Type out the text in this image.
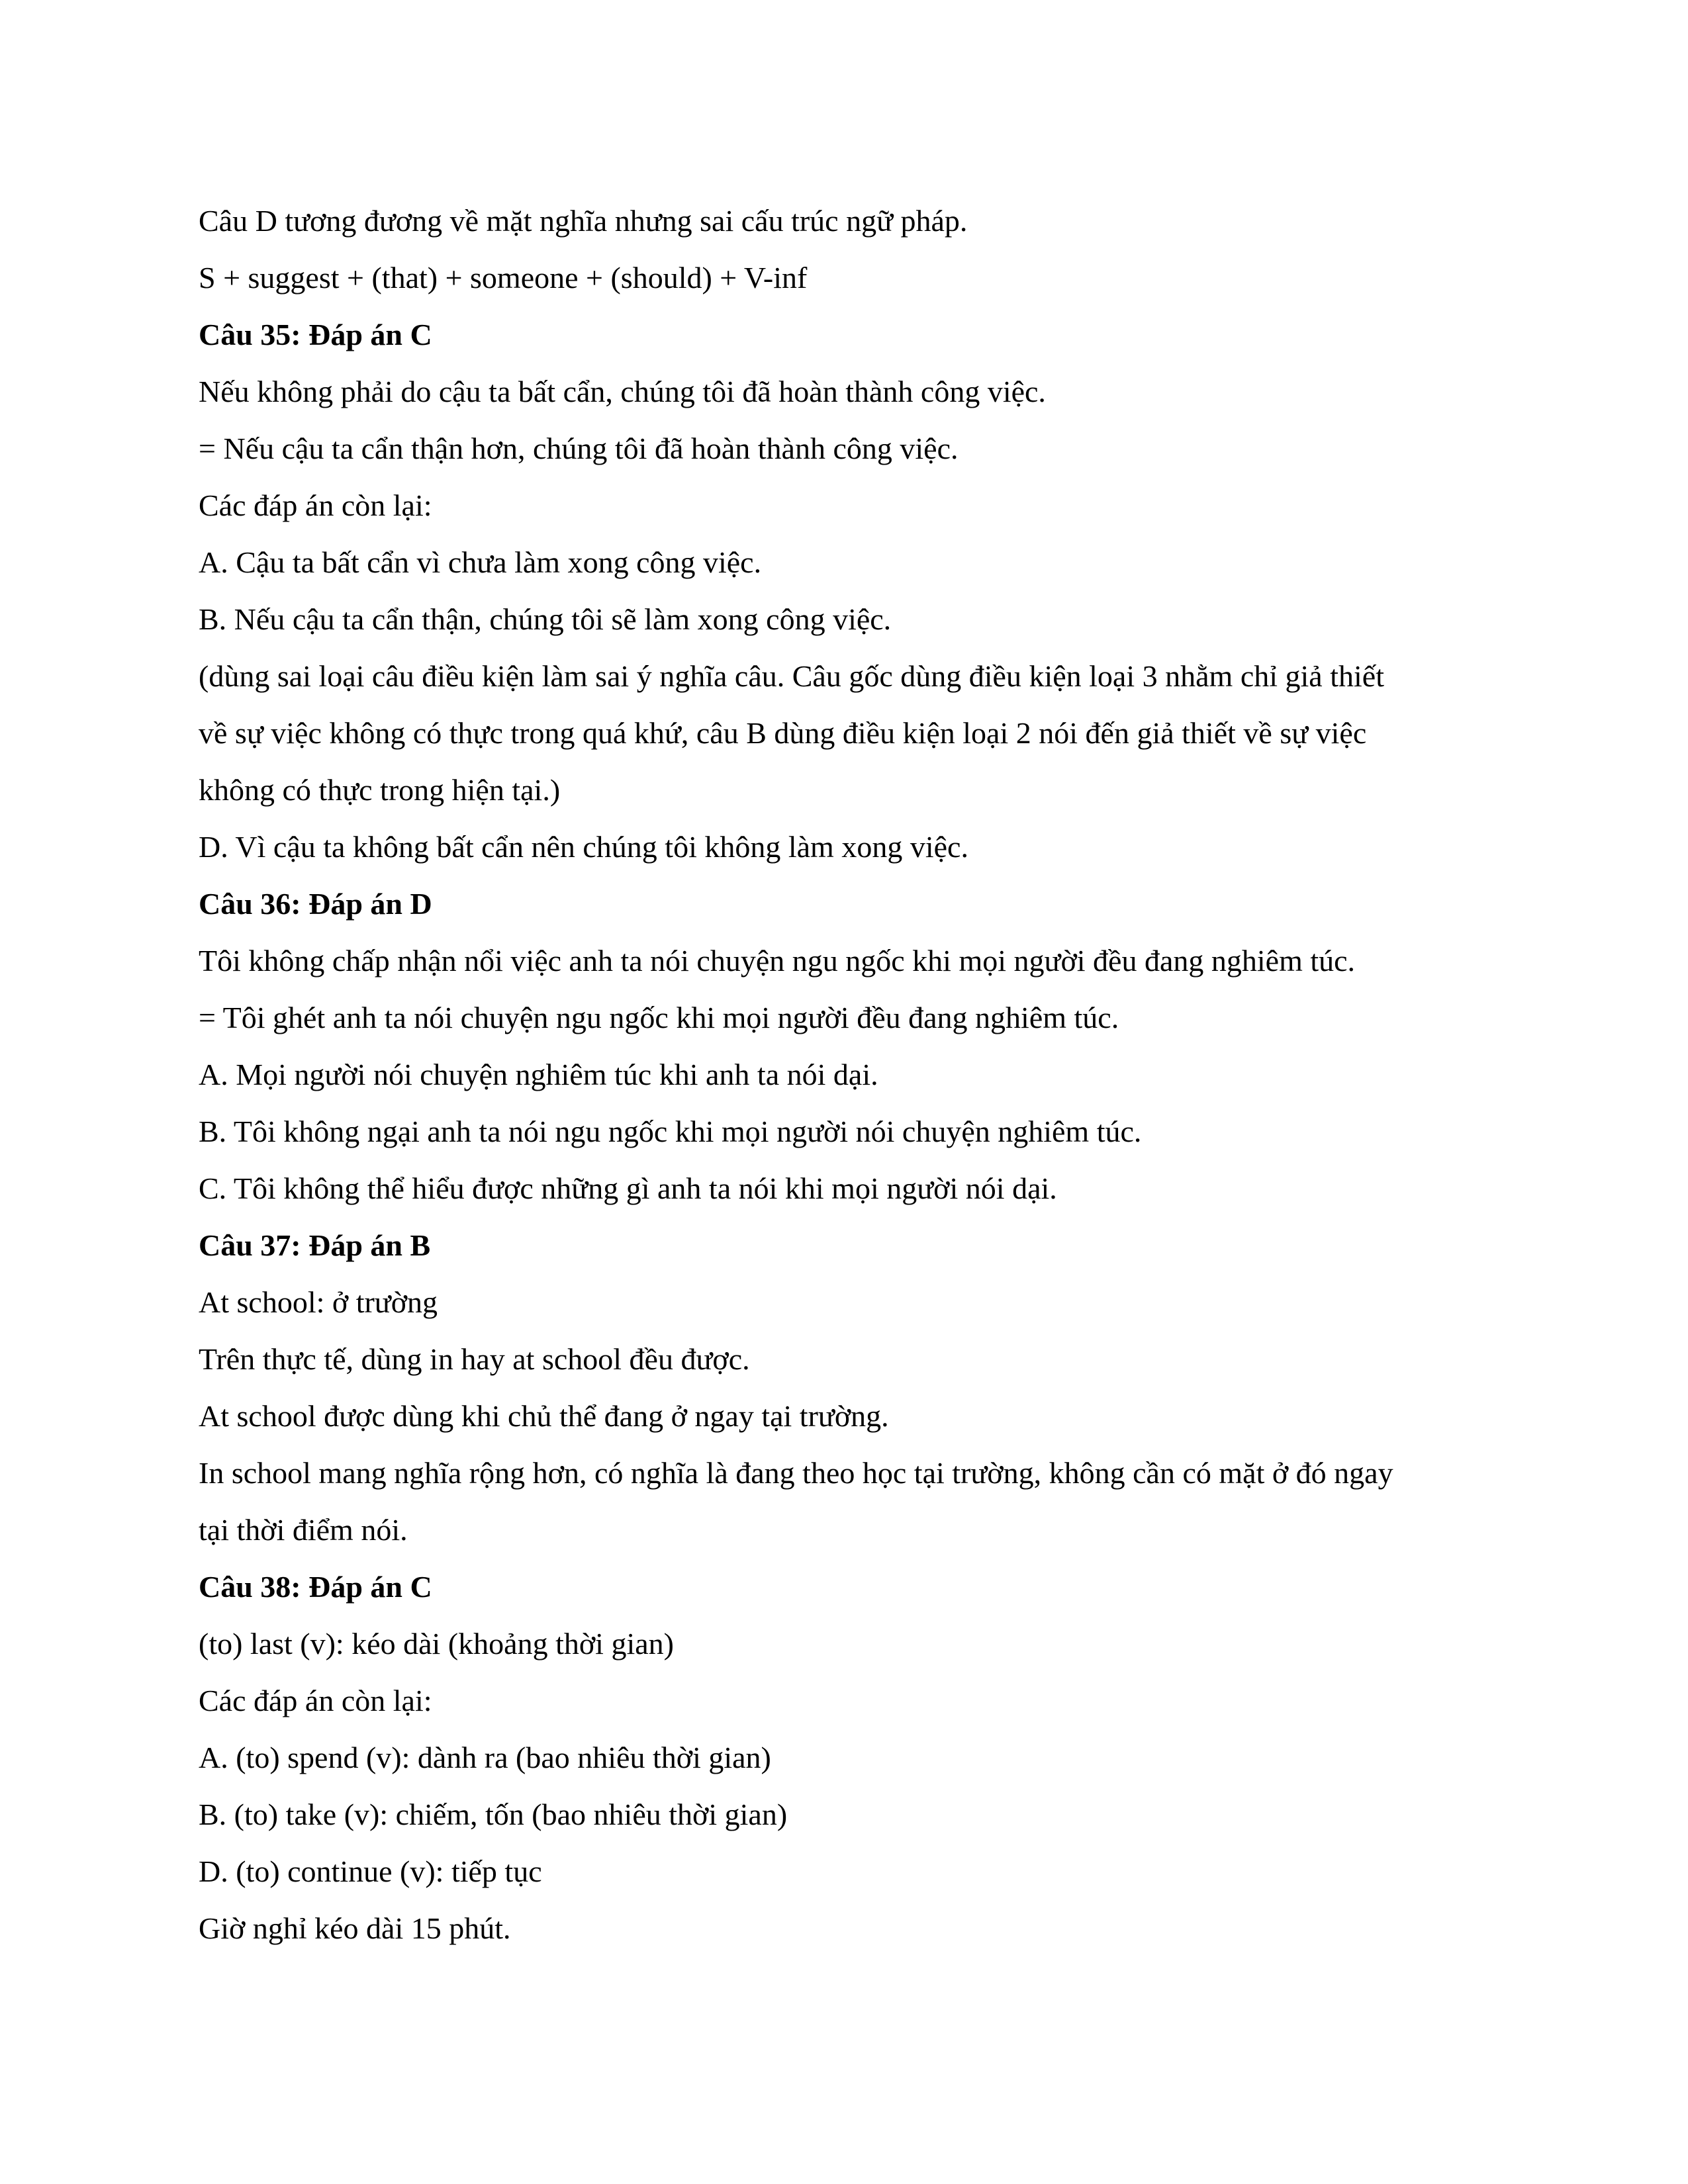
Câu D tương đương về mặt nghĩa nhưng sai cấu trúc ngữ pháp.

S + suggest + (that) + someone + (should) + V-inf

Câu 35: Đáp án C

Nếu không phải do cậu ta bất cẩn, chúng tôi đã hoàn thành công việc.

= Nếu cậu ta cẩn thận hơn, chúng tôi đã hoàn thành công việc.

Các đáp án còn lại:

A. Cậu ta bất cẩn vì chưa làm xong công việc.

B. Nếu cậu ta cẩn thận, chúng tôi sẽ làm xong công việc.

(dùng sai loại câu điều kiện làm sai ý nghĩa câu. Câu gốc dùng điều kiện loại 3 nhằm chỉ giả thiết

về sự việc không có thực trong quá khứ, câu B dùng điều kiện loại 2 nói đến giả thiết về sự việc

không có thực trong hiện tại.)

D. Vì cậu ta không bất cẩn nên chúng tôi không làm xong việc.

Câu 36: Đáp án D

Tôi không chấp nhận nổi việc anh ta nói chuyện ngu ngốc khi mọi người đều đang nghiêm túc.

= Tôi ghét anh ta nói chuyện ngu ngốc khi mọi người đều đang nghiêm túc.

A. Mọi người nói chuyện nghiêm túc khi anh ta nói dại.

B. Tôi không ngại anh ta nói ngu ngốc khi mọi người nói chuyện nghiêm túc.

C. Tôi không thể hiểu được những gì anh ta nói khi mọi người nói dại.

Câu 37: Đáp án B

At school: ở trường

Trên thực tế, dùng in hay at school đều được.

At school được dùng khi chủ thể đang ở ngay tại trường.

In school mang nghĩa rộng hơn, có nghĩa là đang theo học tại trường, không cần có mặt ở đó ngay

tại thời điểm nói.

Câu 38: Đáp án C

(to) last (v): kéo dài (khoảng thời gian)

Các đáp án còn lại:

A. (to) spend (v): dành ra (bao nhiêu thời gian)

B. (to) take (v): chiếm, tốn (bao nhiêu thời gian)

D. (to) continue (v): tiếp tục

Giờ nghỉ kéo dài 15 phút.
